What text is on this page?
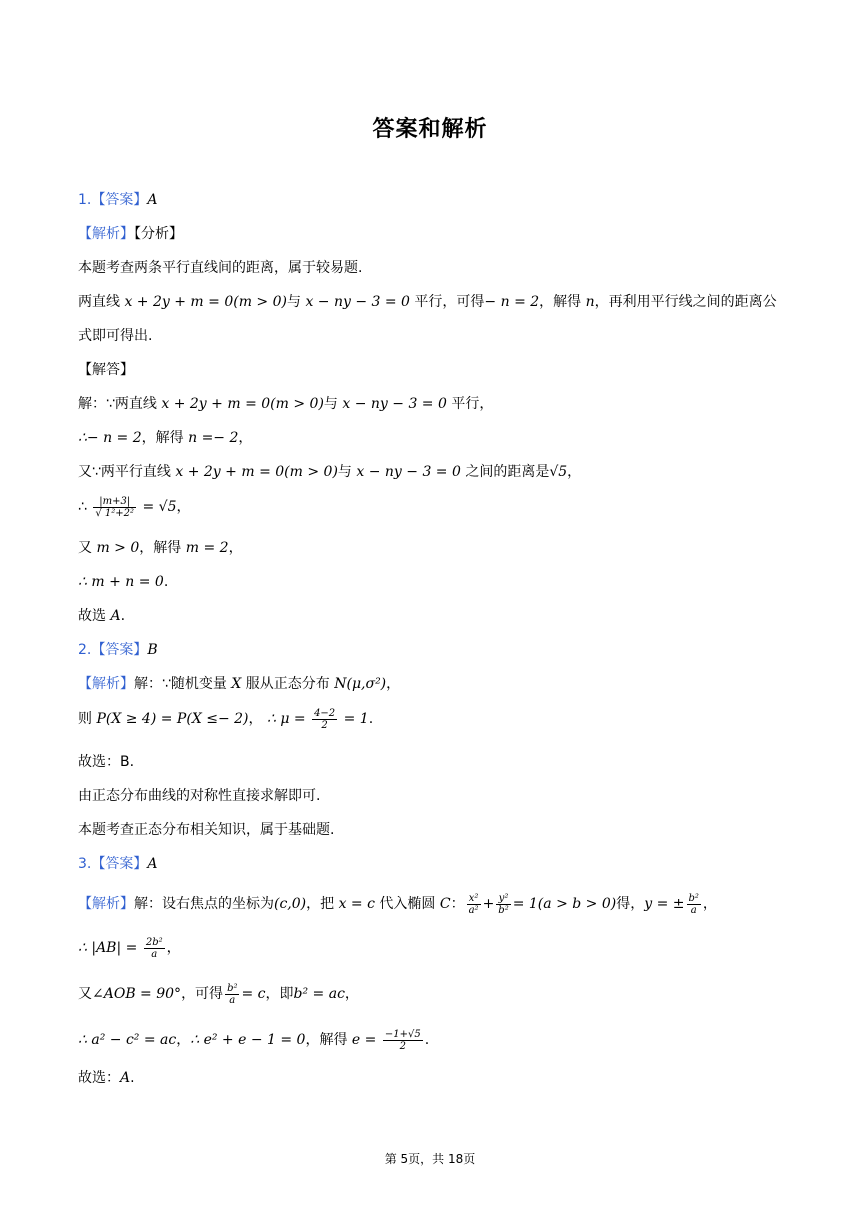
答案和解析
1.【答案】A
【解析】【分析】
本题考查两条平行直线间的距离，属于较易题.
两直线 x + 2y + m = 0(m > 0)与 x − ny − 3 = 0 平行，可得− n = 2，解得 n，再利用平行线之间的距离公
式即可得出.
【解答】
解：∵两直线 x + 2y + m = 0(m > 0)与 x − ny − 3 = 0 平行，
∴− n = 2，解得 n =− 2，
又∵两平行直线 x + 2y + m = 0(m > 0)与 x − ny − 3 = 0 之间的距离是√5，
∴ $\frac{|m+3|}{\text{√ 1²+2²}} = √5$，
又 m > 0，解得 m = 2，
∴ m + n = 0.
故选 A.
2.【答案】B
【解析】解：∵随机变量 X 服从正态分布 N(μ,σ²)，
则 P(X ≥ 4) = P(X ≤− 2)， ∴ $\mu = \frac{4-2}{2} = 1$.
故选：B.
由正态分布曲线的对称性直接求解即可.
本题考查正态分布相关知识，属于基础题.
3.【答案】A
【解析】解：设右焦点的坐标为(c,0)，把 x = c 代入椭圆 C： $\frac{\text{x²}}{\text{a²}} + \frac{\text{y²}}{\text{b²}} = 1(a > b > 0)$得，y = ± $\frac{\text{b²}}{a}$ ，
∴ $|AB| = \frac{\text{2b²}}{a}$ ，
又∠AOB = 90°，可得 $\frac{\text{b²}}{a} = c$，即b² = ac，
∴ a² − c² = ac，∴ e² + e − 1 = 0，解得 $e = \frac{-1+√5}{2}$ .
故选：A.
第 5页，共 18页
